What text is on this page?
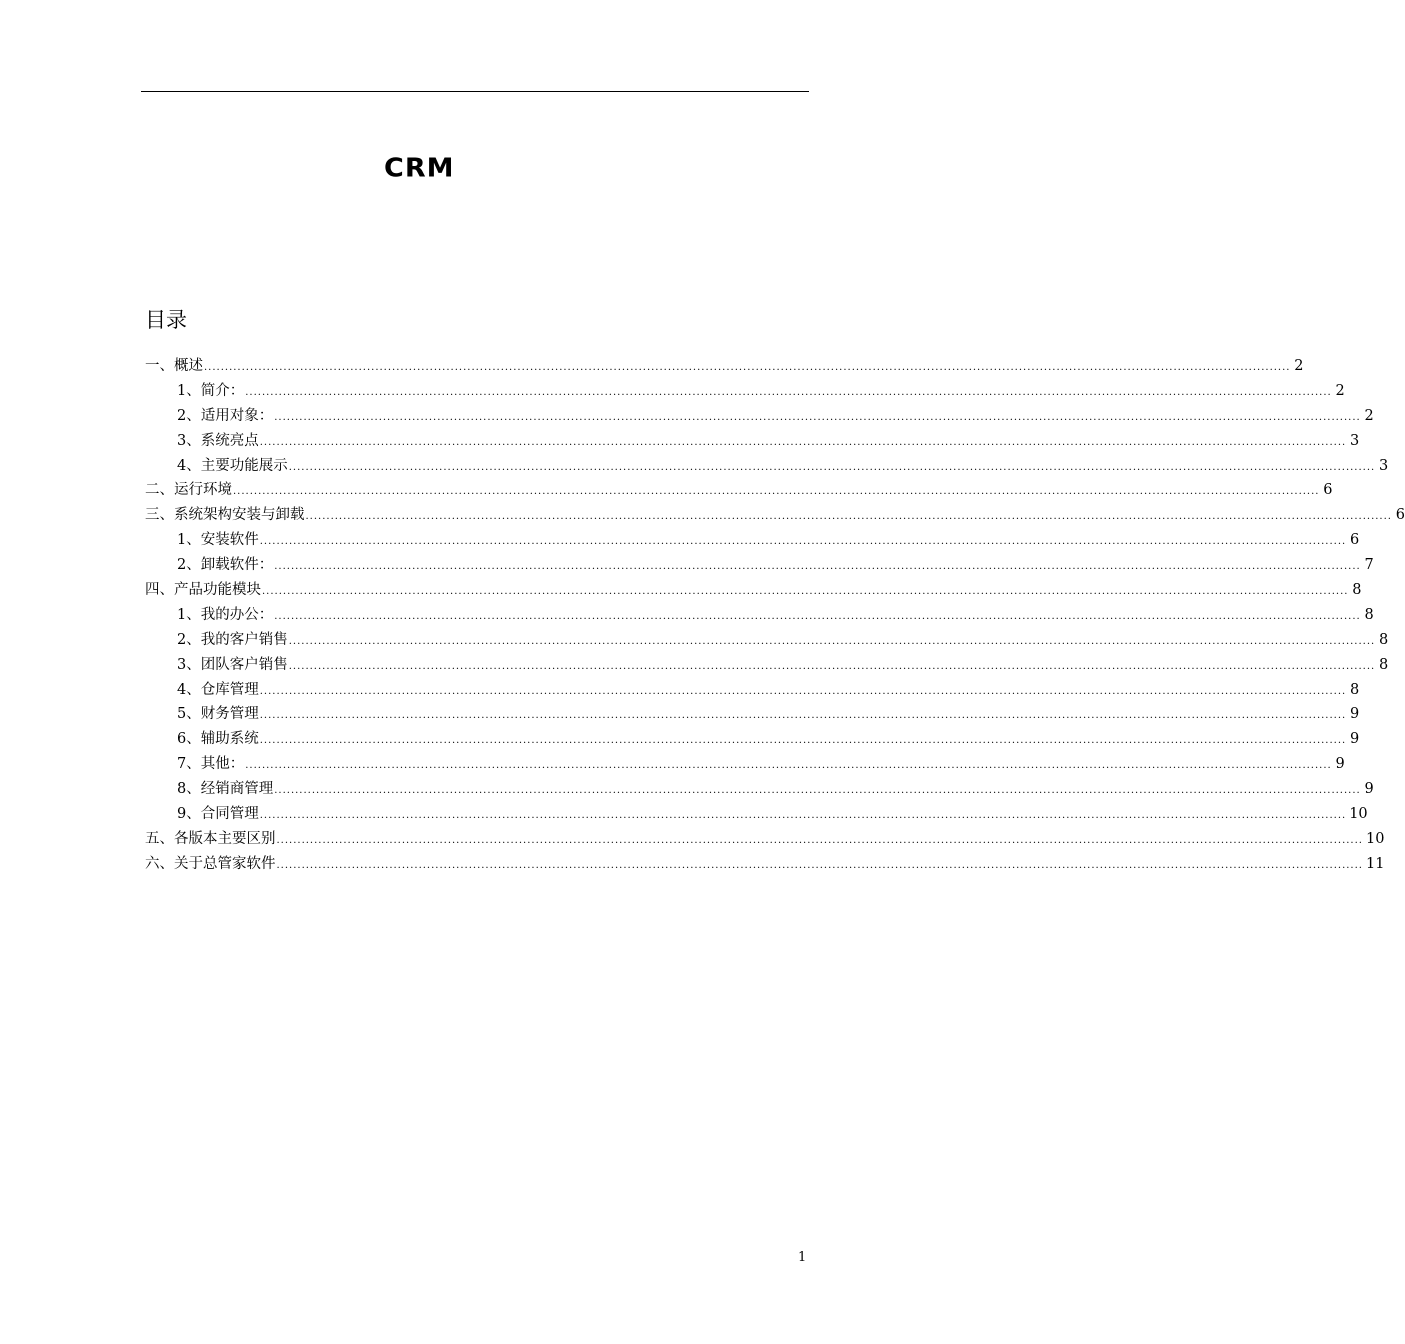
CRM
目录
一、概述 .................................................................................................................................................................................................................................................................... 2
1、简介： .................................................................................................................................................................................................................................................................... 2
2、适用对象： .................................................................................................................................................................................................................................................................... 2
3、系统亮点 .................................................................................................................................................................................................................................................................... 3
4、主要功能展示 .................................................................................................................................................................................................................................................................... 3
二、运行环境 .................................................................................................................................................................................................................................................................... 6
三、系统架构安装与卸载 .................................................................................................................................................................................................................................................................... 6
1、安装软件 .................................................................................................................................................................................................................................................................... 6
2、卸载软件： .................................................................................................................................................................................................................................................................... 7
四、产品功能模块 .................................................................................................................................................................................................................................................................... 8
1、我的办公： .................................................................................................................................................................................................................................................................... 8
2、我的客户销售 .................................................................................................................................................................................................................................................................... 8
3、团队客户销售 .................................................................................................................................................................................................................................................................... 8
4、仓库管理 .................................................................................................................................................................................................................................................................... 8
5、财务管理 .................................................................................................................................................................................................................................................................... 9
6、辅助系统 .................................................................................................................................................................................................................................................................... 9
7、其他： .................................................................................................................................................................................................................................................................... 9
8、经销商管理 .................................................................................................................................................................................................................................................................... 9
9、合同管理 .................................................................................................................................................................................................................................................................... 10
五、各版本主要区别 .................................................................................................................................................................................................................................................................... 10
六、关于总管家软件 .................................................................................................................................................................................................................................................................... 11
1
